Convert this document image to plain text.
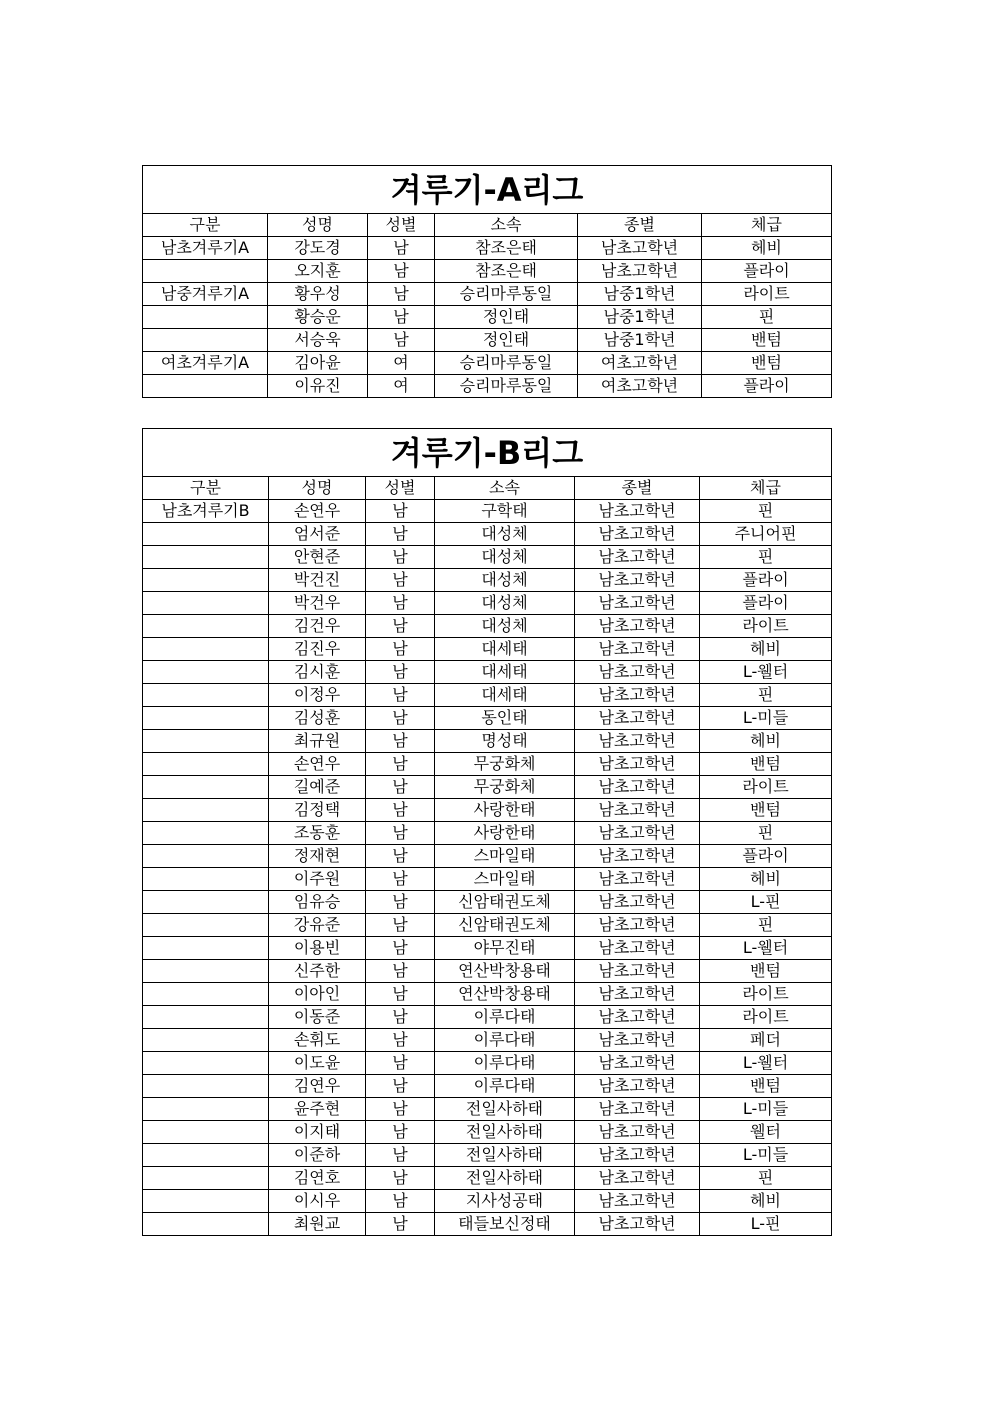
겨루기-A리그					
구분	성명	성별	소속	종별	체급
남초겨루기A	강도경	남	참조은태	남초고학년	헤비
	오지훈	남	참조은태	남초고학년	플라이
남중겨루기A	황우성	남	승리마루동일	남중1학년	라이트
	황승운	남	정인태	남중1학년	핀
	서승욱	남	정인태	남중1학년	밴텀
여초겨루기A	김아윤	여	승리마루동일	여초고학년	밴텀
	이유진	여	승리마루동일	여초고학년	플라이
겨루기-B리그					
구분	성명	성별	소속	종별	체급
남초겨루기B	손연우	남	구학태	남초고학년	핀
	엄서준	남	대성체	남초고학년	주니어핀
	안현준	남	대성체	남초고학년	핀
	박건진	남	대성체	남초고학년	플라이
	박건우	남	대성체	남초고학년	플라이
	김건우	남	대성체	남초고학년	라이트
	김진우	남	대세태	남초고학년	헤비
	김시훈	남	대세태	남초고학년	L-웰터
	이정우	남	대세태	남초고학년	핀
	김성훈	남	동인태	남초고학년	L-미들
	최규원	남	명성태	남초고학년	헤비
	손연우	남	무궁화체	남초고학년	밴텀
	길예준	남	무궁화체	남초고학년	라이트
	김정택	남	사랑한태	남초고학년	밴텀
	조동훈	남	사랑한태	남초고학년	핀
	정재현	남	스마일태	남초고학년	플라이
	이주원	남	스마일태	남초고학년	헤비
	임유승	남	신암태권도체	남초고학년	L-핀
	강유준	남	신암태권도체	남초고학년	핀
	이용빈	남	야무진태	남초고학년	L-웰터
	신주한	남	연산박창용태	남초고학년	밴텀
	이아인	남	연산박창용태	남초고학년	라이트
	이동준	남	이루다태	남초고학년	라이트
	손휘도	남	이루다태	남초고학년	페더
	이도윤	남	이루다태	남초고학년	L-웰터
	김연우	남	이루다태	남초고학년	밴텀
	윤주현	남	전일사하태	남초고학년	L-미들
	이지태	남	전일사하태	남초고학년	웰터
	이준하	남	전일사하태	남초고학년	L-미들
	김연호	남	전일사하태	남초고학년	핀
	이시우	남	지사성공태	남초고학년	헤비
	최원교	남	태들보신정태	남초고학년	L-핀
